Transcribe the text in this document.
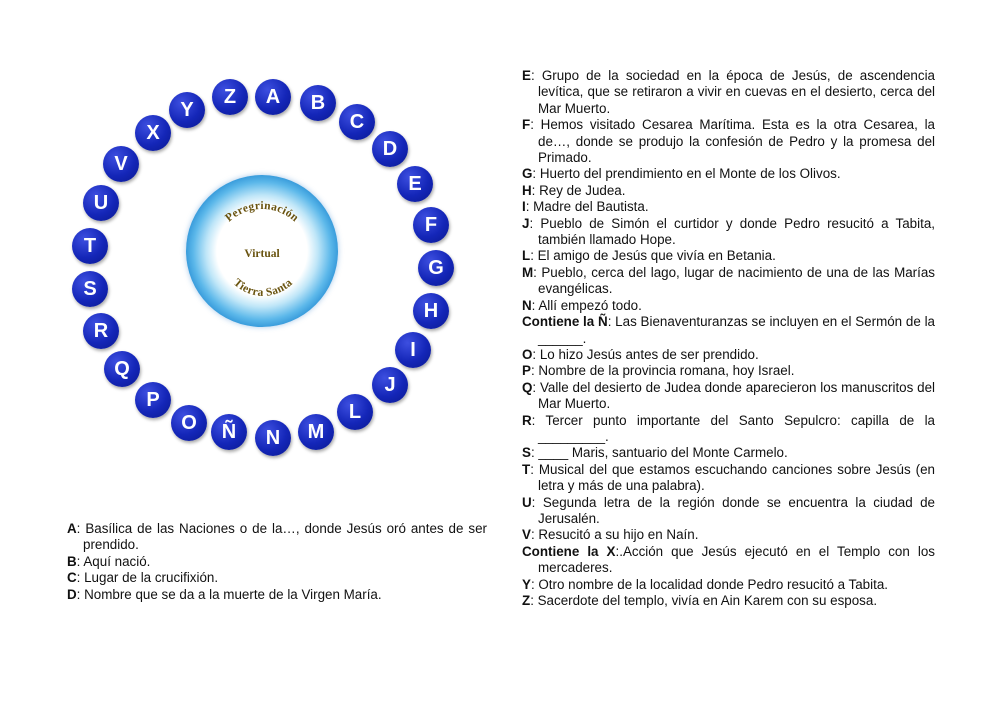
A B
C
D
E
F
G
H
I
J
L
M
N
Ñ
O
P
Q
R
S
T
U
V
X
Y
Z
Peregrinación
Virtual
Tierra Santa

A: Basílica de las Naciones o de la…, donde Jesús oró antes de ser prendido.

B: Aquí nació.

C: Lugar de la crucifixión.

D: Nombre que se da a la muerte de la Virgen María.

E: Grupo de la sociedad en la época de Jesús, de ascendencia levítica, que se retiraron a vivir en cuevas en el desierto, cerca del Mar Muerto.

F: Hemos visitado Cesarea Marítima. Esta es la otra Cesarea, la de…, donde se produjo la confesión de Pedro y la promesa del Primado.

G: Huerto del prendimiento en el Monte de los Olivos.

H: Rey de Judea.

I: Madre del Bautista.

J: Pueblo de Simón el curtidor y donde Pedro resucitó a Tabita, también llamado Hope.

L: El amigo de Jesús que vivía en Betania.

M: Pueblo, cerca del lago, lugar de nacimiento de una de las Marías evangélicas.

N: Allí empezó todo.

Contiene la Ñ: Las Bienaventuranzas se incluyen en el Sermón de la ______.

O: Lo hizo Jesús antes de ser prendido.

P: Nombre de la provincia romana, hoy Israel.

Q: Valle del desierto de Judea donde aparecieron los manuscritos del Mar Muerto.

R: Tercer punto importante del Santo Sepulcro: capilla de la _________.

S: ____ Maris, santuario del Monte Carmelo.

T: Musical del que estamos escuchando canciones sobre Jesús (en letra y más de una palabra).

U: Segunda letra de la región donde se encuentra la ciudad de Jerusalén.

V: Resucitó a su hijo en Naín.

Contiene la X:.Acción que Jesús ejecutó en el Templo con los mercaderes.

Y: Otro nombre de la localidad donde Pedro resucitó a Tabita.

Z: Sacerdote del templo, vivía en Ain Karem con su esposa.
